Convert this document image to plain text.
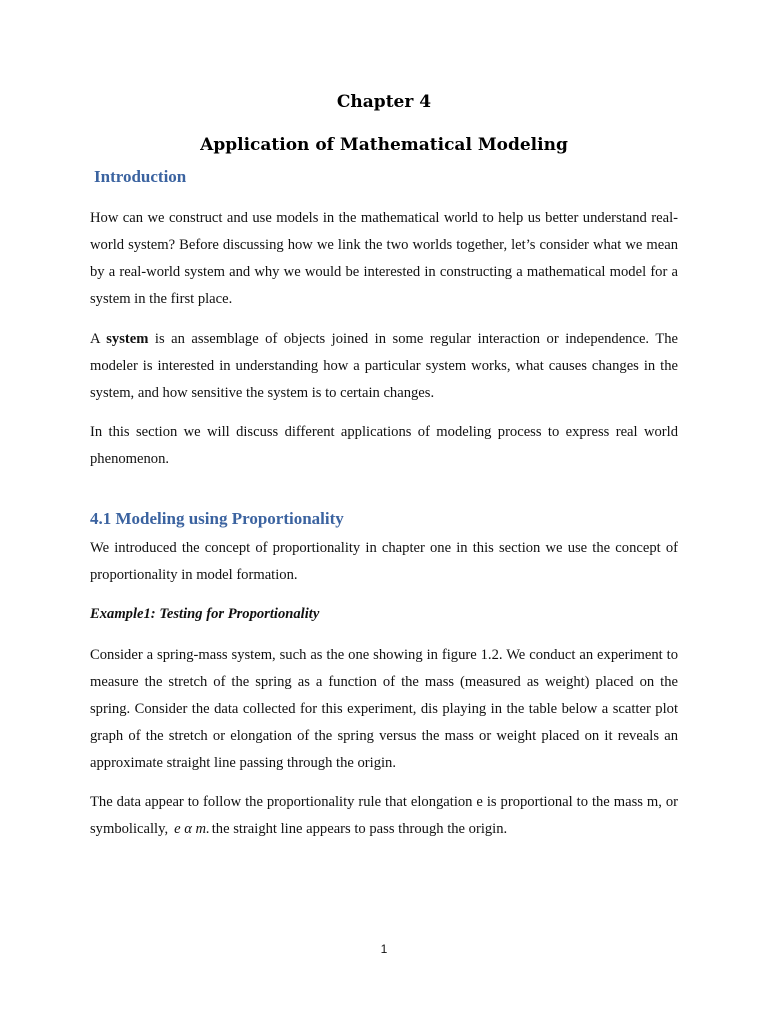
Chapter 4
Application of Mathematical Modeling
Introduction

How can we construct and use models in the mathematical world to help us better understand real-world system? Before discussing how we link the two worlds together, let’s consider what we mean by a real-world system and why we would be interested in constructing a mathematical model for a system in the first place.

A system is an assemblage of objects joined in some regular interaction or independence. The modeler is interested in understanding how a particular system works, what causes changes in the system, and how sensitive the system is to certain changes.

In this section we will discuss different applications of modeling process to express real world phenomenon.

4.1 Modeling using Proportionality

We introduced the concept of proportionality in chapter one in this section we use the concept of proportionality in model formation.

Example1: Testing for Proportionality

Consider a spring-mass system, such as the one showing in figure 1.2. We conduct an experiment to measure the stretch of the spring as a function of the mass (measured as weight) placed on the spring. Consider the data collected for this experiment, dis playing in the table below a scatter plot graph of the stretch or elongation of the spring versus the mass or weight placed on it reveals an approximate straight line passing through the origin.

The data appear to follow the proportionality rule that elongation e is proportional to the mass m, or symbolically, e α m. the straight line appears to pass through the origin.

1
